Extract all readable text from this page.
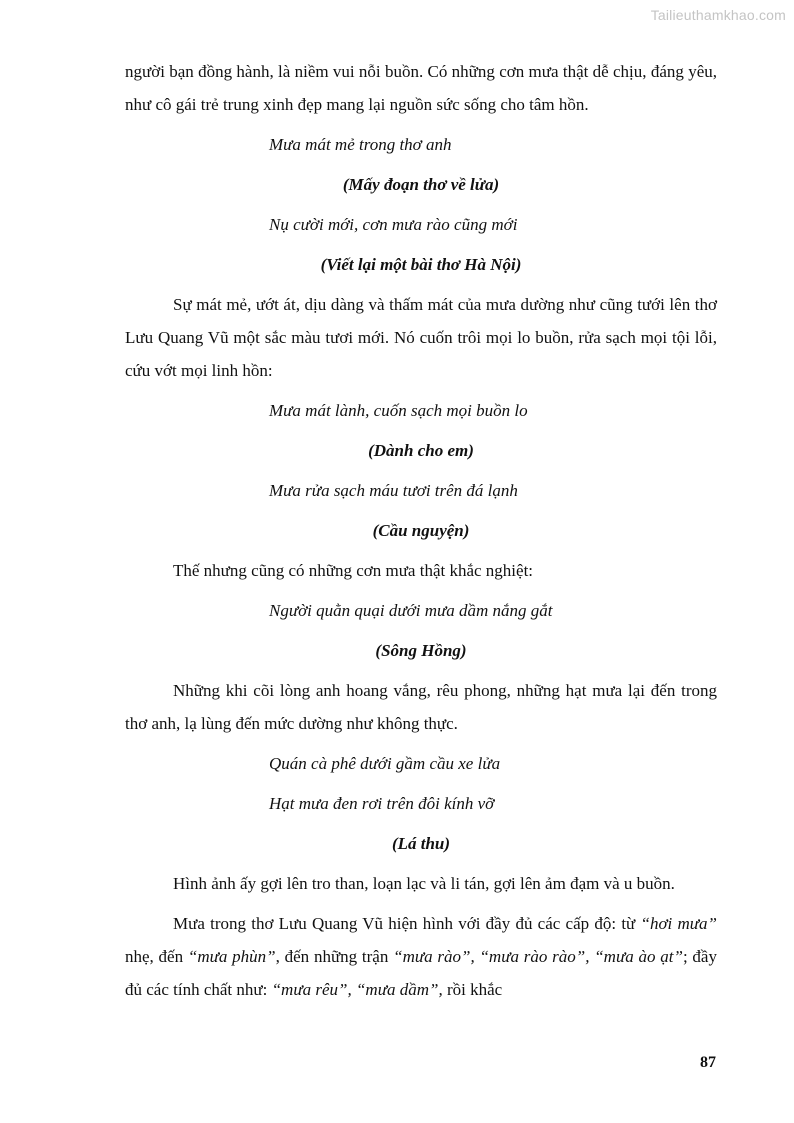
Tailieuthamkhao.com

người bạn đồng hành, là niềm vui nỗi buồn. Có những cơn mưa thật dễ chịu, đáng yêu, như cô gái trẻ trung xinh đẹp mang lại nguồn sức sống cho tâm hồn.

Mưa mát mẻ trong thơ anh

(Mấy đoạn thơ về lửa)

Nụ cười mới, cơn mưa rào cũng mới

(Viết lại một bài thơ Hà Nội)

Sự mát mẻ, ướt át, dịu dàng và thấm mát của mưa dường như cũng tưới lên thơ Lưu Quang Vũ một sắc màu tươi mới. Nó cuốn trôi mọi lo buồn, rửa sạch mọi tội lỗi, cứu vớt mọi linh hồn:

Mưa mát lành, cuốn sạch mọi buồn lo

(Dành cho em)

Mưa rửa sạch máu tươi trên đá lạnh

(Cầu nguyện)

Thế nhưng cũng có những cơn mưa thật khắc nghiệt:

Người quằn quại dưới mưa dầm nắng gắt

(Sông Hồng)

Những khi cõi lòng anh hoang vắng, rêu phong, những hạt mưa lại đến trong thơ anh, lạ lùng đến mức dường như không thực.

Quán cà phê dưới gầm cầu xe lửa

Hạt mưa đen rơi trên đôi kính vỡ

(Lá thu)

Hình ảnh ấy gợi lên tro than, loạn lạc và li tán, gợi lên ảm đạm và u buồn.

Mưa trong thơ Lưu Quang Vũ hiện hình với đầy đủ các cấp độ: từ “hơi mưa” nhẹ, đến “mưa phùn”, đến những trận “mưa rào”, “mưa rào rào”, “mưa ào ạt”; đầy đủ các tính chất như: “mưa rêu”, “mưa dầm”, rồi khắc

87
